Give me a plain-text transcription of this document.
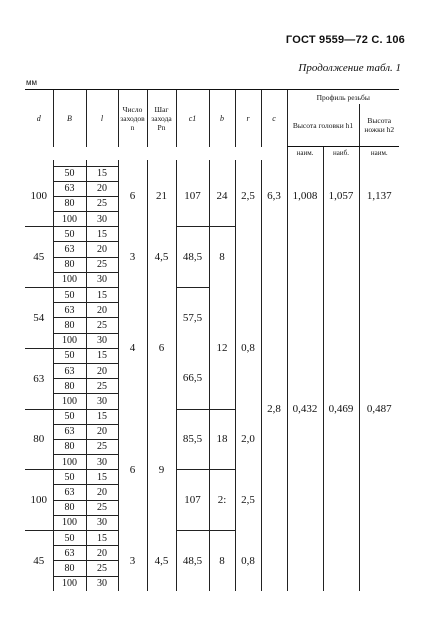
ГОСТ 9559—72 С. 106
Продолжение табл. 1
мм
d	B	l	Число заходов n	Шаг захода Pn	c1	b	r	c	Профиль резьбы		
									Высота головки h1		Высота ножки h2
									наим.	наиб.	наим.

100	50	15	6	21	107	24	2,5	6,3	1,008	1,057	1,137
	63	20									
	80	25									
	100	30									
45	50	15	3	4,5	48,5	8		2,8	0,432	0,469	0,487
	63	20									
	80	25									
	100	30									
54	50	15	4	6	57,5	12	0,8				
	63	20									
	80	25									
	100	30									
63	50	15			66,5						
	63	20									
	80	25									
	100	30									
80	50	15	6	9	85,5	18	2,0				
	63	20									
	80	25									
	100	30									
100	50	15			107	2:	2,5				
	63	20									
	80	25									
	100	30									
45	50	15	3	4,5	48,5	8	0,8				
	63	20									
	80	25									
	100	30									
